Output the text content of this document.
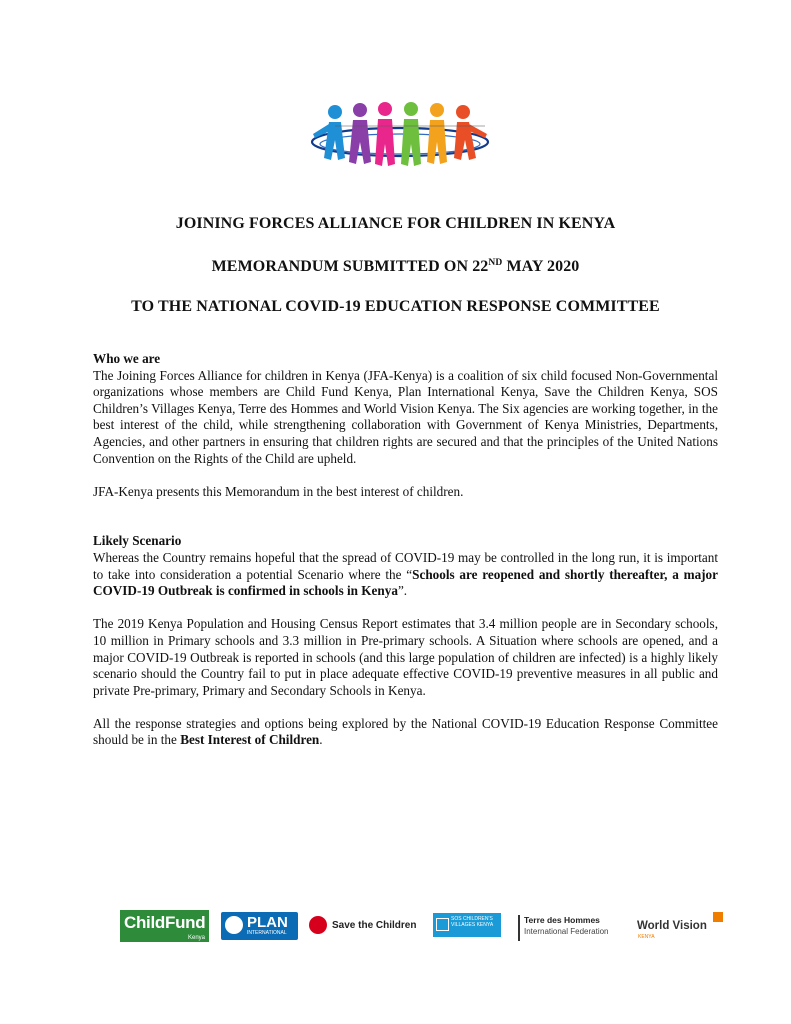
JOINING FORCES ALLIANCE FOR CHILDREN IN KENYA
MEMORANDUM SUBMITTED ON 22ND MAY 2020
TO THE NATIONAL COVID-19 EDUCATION RESPONSE COMMITTEE
Who we are

The Joining Forces Alliance for children in Kenya (JFA-Kenya) is a coalition of six child focused Non-Governmental organizations whose members are Child Fund Kenya, Plan International Kenya, Save the Children Kenya, SOS Children’s Villages Kenya, Terre des Hommes and World Vision Kenya. The Six agencies are working together, in the best interest of the child, while strengthening collaboration with Government of Kenya Ministries, Departments, Agencies, and other partners in ensuring that children rights are secured and that the principles of the United Nations Convention on the Rights of the Child are upheld.

JFA-Kenya presents this Memorandum in the best interest of children.

Likely Scenario

Whereas the Country remains hopeful that the spread of COVID-19 may be controlled in the long run, it is important to take into consideration a potential Scenario where the “Schools are reopened and shortly thereafter, a major COVID-19 Outbreak is confirmed in schools in Kenya”.

The 2019 Kenya Population and Housing Census Report estimates that 3.4 million people are in Secondary schools, 10 million in Primary schools and 3.3 million in Pre-primary schools. A Situation where schools are opened, and a major COVID-19 Outbreak is reported in schools (and this large population of children are infected) is a highly likely scenario should the Country fail to put in place adequate effective COVID-19 preventive measures in all public and private Pre-primary, Primary and Secondary Schools in Kenya.

All the response strategies and options being explored by the National COVID-19 Education Response Committee should be in the Best Interest of Children.

ChildFund
Kenya
PLAN
INTERNATIONAL
Save the Children
SOS CHILDREN'S VILLAGES KENYA	Terre des Hommes
International Federation World Vision
KENYA
